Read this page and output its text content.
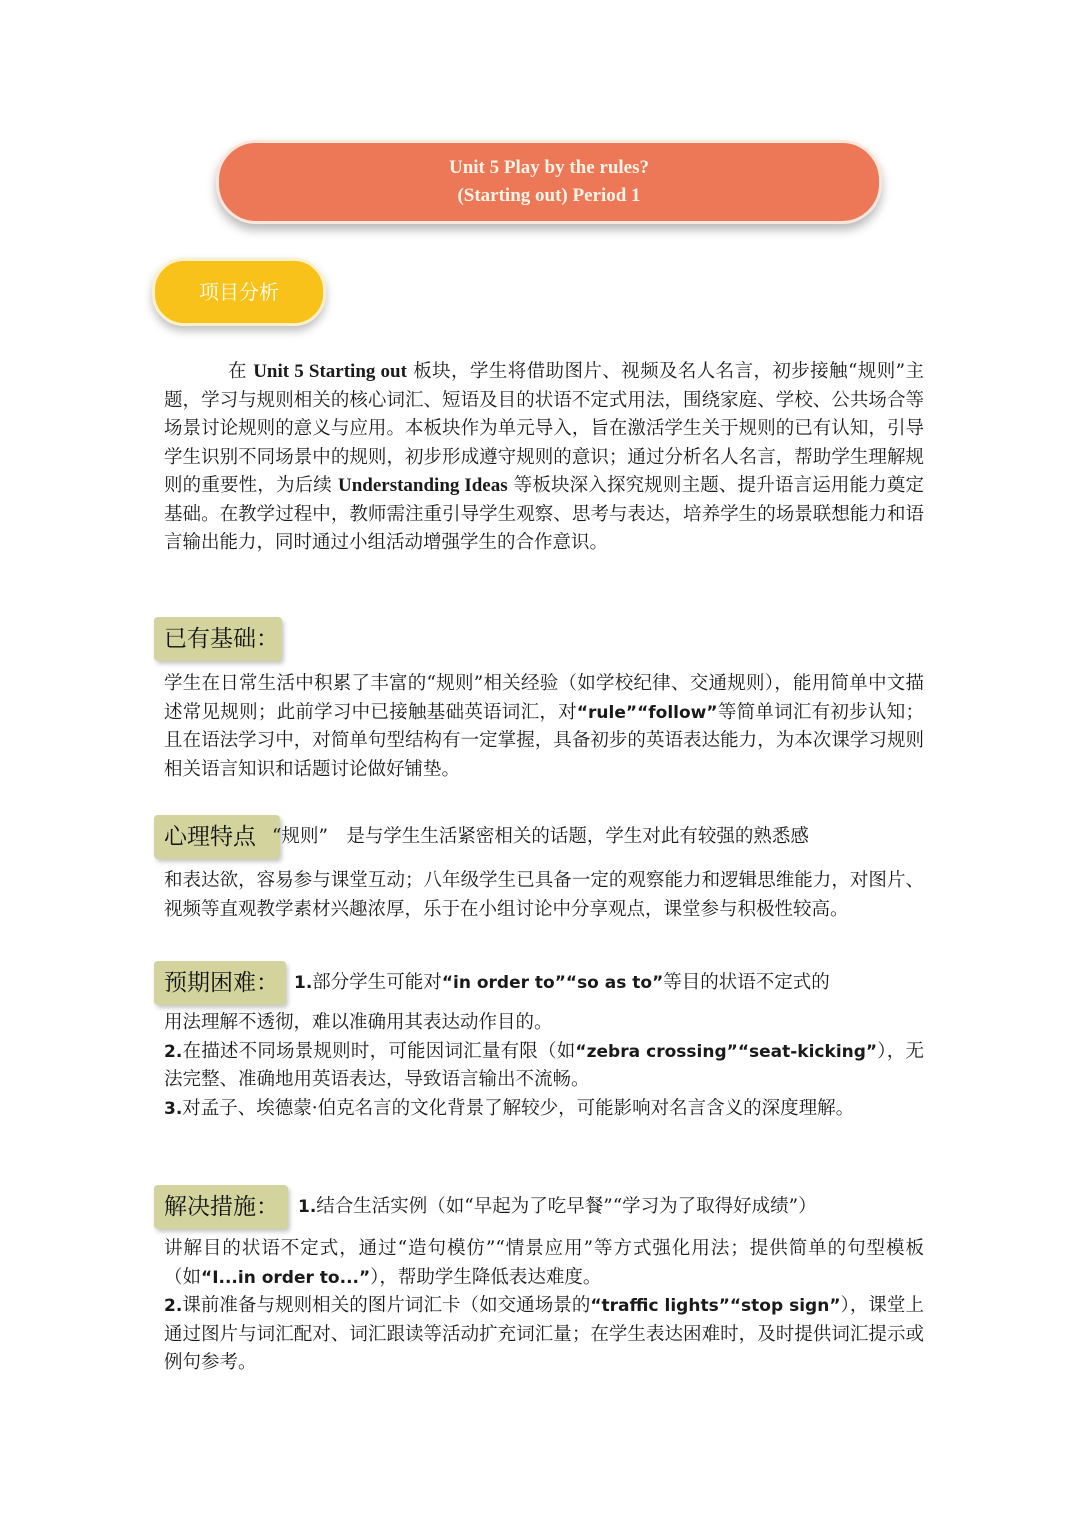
Unit 5 Play by the rules?
(Starting out) Period 1
项目分析
在 Unit 5 Starting out 板块，学生将借助图片、视频及名人名言，初步接触“规则”主题，学习与规则相关的核心词汇、短语及目的状语不定式用法，围绕家庭、学校、公共场合等场景讨论规则的意义与应用。本板块作为单元导入，旨在激活学生关于规则的已有认知，引导学生识别不同场景中的规则，初步形成遵守规则的意识；通过分析名人名言，帮助学生理解规则的重要性，为后续 Understanding Ideas 等板块深入探究规则主题、提升语言运用能力奠定基础。在教学过程中，教师需注重引导学生观察、思考与表达，培养学生的场景联想能力和语言输出能力，同时通过小组活动增强学生的合作意识。
已有基础：
学生在日常生活中积累了丰富的“规则”相关经验（如学校纪律、交通规则），能用简单中文描述常见规则；此前学习中已接触基础英语词汇，对“rule”“follow”等简单词汇有初步认知；且在语法学习中，对简单句型结构有一定掌握，具备初步的英语表达能力，为本次课学习规则相关语言知识和话题讨论做好铺垫。
心理特点 “规则”　是与学生生活紧密相关的话题，学生对此有较强的熟悉感
和表达欲，容易参与课堂互动；八年级学生已具备一定的观察能力和逻辑思维能力，对图片、视频等直观教学素材兴趣浓厚，乐于在小组讨论中分享观点，课堂参与积极性较高。
预期困难： 1.部分学生可能对“in order to”“so as to”等目的状语不定式的
用法理解不透彻，难以准确用其表达动作目的。
2.在描述不同场景规则时，可能因词汇量有限（如“zebra crossing”“seat-kicking”），无法完整、准确地用英语表达，导致语言输出不流畅。
3.对孟子、埃德蒙·伯克名言的文化背景了解较少，可能影响对名言含义的深度理解。
解决措施：	1.结合生活实例（如“早起为了吃早餐”“学习为了取得好成绩”）
讲解目的状语不定式，通过“造句模仿”“情景应用”等方式强化用法；提供简单的句型模板（如“I...in order to...”），帮助学生降低表达难度。
2.课前准备与规则相关的图片词汇卡（如交通场景的“traffic lights”“stop sign”），课堂上通过图片与词汇配对、词汇跟读等活动扩充词汇量；在学生表达困难时，及时提供词汇提示或例句参考。
